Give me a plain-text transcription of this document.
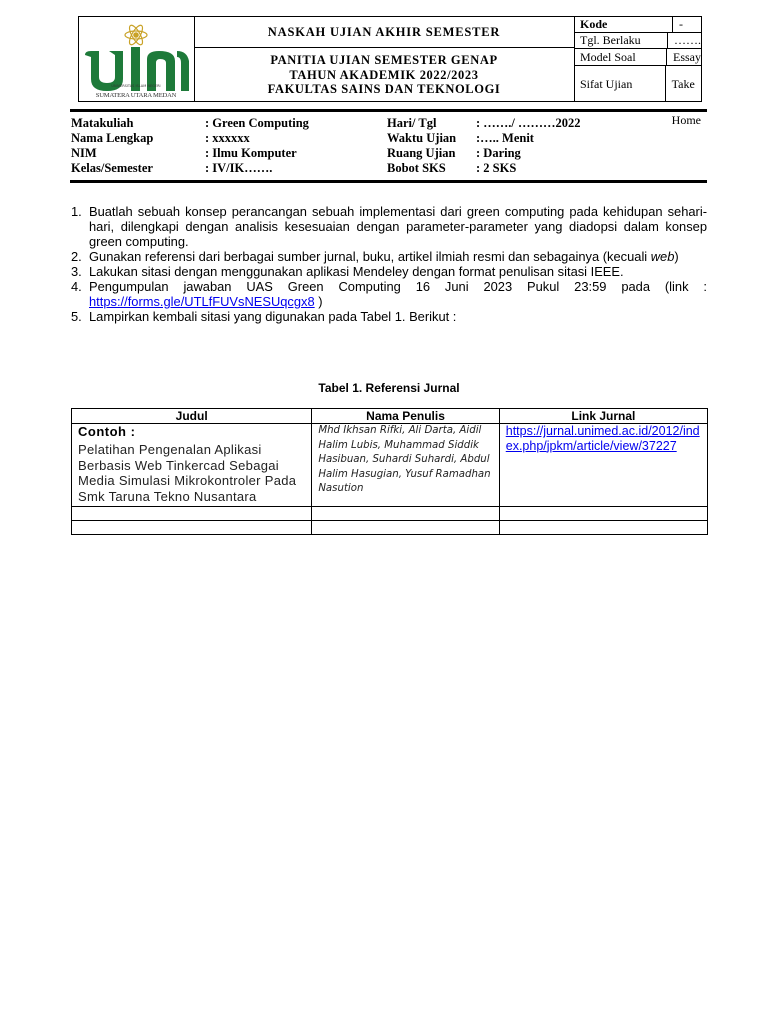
UNIVERSITAS ISLAM NEGERI
SUMATERA UTARA MEDAN
NASKAH UJIAN AKHIR SEMESTER
PANITIA UJIAN SEMESTER GENAP
TAHUN AKADEMIK 2022/2023
FAKULTAS SAINS DAN TEKNOLOGI
Kode	-
Tgl. Berlaku	…….
Model Soal	Essay
Sifat Ujian	Take Home
Matakuliah	: Green Computing	Hari/ Tgl	: ……./ ………2022
Nama Lengkap	: xxxxxx	Waktu Ujian :….. Menit
NIM	: Ilmu Komputer	Ruang Ujian : Daring
Kelas/Semester	: IV/IK…….	Bobot SKS : 2 SKS
1. Buatlah sebuah konsep perancangan sebuah implementasi dari green computing pada kehidupan sehari-hari, dilengkapi dengan analisis kesesuaian dengan parameter-parameter yang diadopsi dalam konsep green computing.
2. Gunakan referensi dari berbagai sumber jurnal, buku, artikel ilmiah resmi dan sebagainya (kecuali web)
3. Lakukan sitasi dengan menggunakan aplikasi Mendeley dengan format penulisan sitasi IEEE.
4. Pengumpulan jawaban UAS Green Computing 16 Juni 2023 Pukul 23:59 pada (link : https://forms.gle/UTLfFUVsNESUqcgx8 )
5. Lampirkan kembali sitasi yang digunakan pada Tabel 1. Berikut :
Tabel 1. Referensi Jurnal
Judul	Nama Penulis	Link Jurnal

Contoh :
Pelatihan Pengenalan Aplikasi Berbasis Web Tinkercad Sebagai Media Simulasi Mikrokontroler Pada Smk Taruna Tekno Nusantara	Mhd Ikhsan Rifki, Ali Darta, Aidil Halim Lubis, Muhammad Siddik Hasibuan, Suhardi Suhardi, Abdul Halim Hasugian, Yusuf Ramadhan Nasution	https://jurnal.unimed.ac.id/2012/index.php/jpkm/article/view/37227
